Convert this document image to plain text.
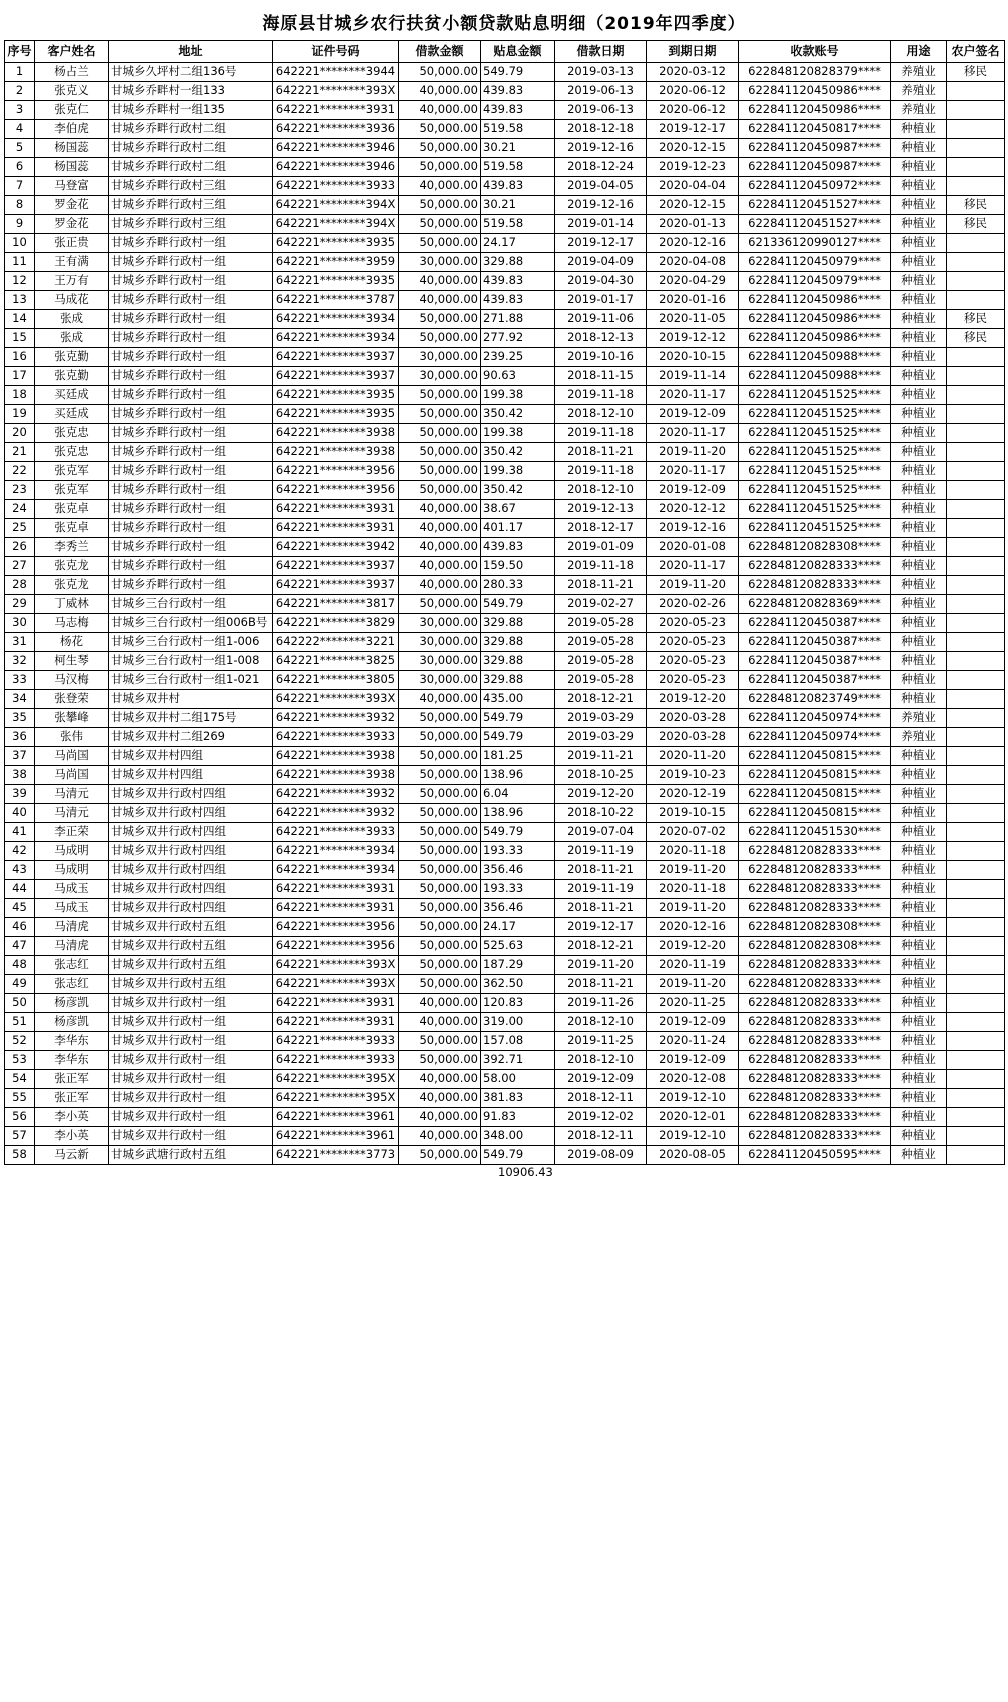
海原县甘城乡农行扶贫小额贷款贴息明细（2019年四季度）
序号	客户姓名	地址	证件号码	借款金额	贴息金额	借款日期	到期日期	收款账号	用途	农户签名
1	杨占兰	甘城乡久坪村二组136号	642221********3944	50,000.00	549.79	2019-03-13	2020-03-12	622848120828379****	养殖业	移民
2	张克义	甘城乡乔畔村一组133	642221********393X	40,000.00	439.83	2019-06-13	2020-06-12	622841120450986****	养殖业	
3	张克仁	甘城乡乔畔村一组135	642221********3931	40,000.00	439.83	2019-06-13	2020-06-12	622841120450986****	养殖业	
4	李伯虎	甘城乡乔畔行政村二组	642221********3936	50,000.00	519.58	2018-12-18	2019-12-17	622841120450817****	种植业	
5	杨国蕊	甘城乡乔畔行政村二组	642221********3946	50,000.00	30.21	2019-12-16	2020-12-15	622841120450987****	种植业	
6	杨国蕊	甘城乡乔畔行政村二组	642221********3946	50,000.00	519.58	2018-12-24	2019-12-23	622841120450987****	种植业	
7	马登富	甘城乡乔畔行政村三组	642221********3933	40,000.00	439.83	2019-04-05	2020-04-04	622841120450972****	种植业	
8	罗金花	甘城乡乔畔行政村三组	642221********394X	50,000.00	30.21	2019-12-16	2020-12-15	622841120451527****	种植业	移民
9	罗金花	甘城乡乔畔行政村三组	642221********394X	50,000.00	519.58	2019-01-14	2020-01-13	622841120451527****	种植业	移民
10	张正贵	甘城乡乔畔行政村一组	642221********3935	50,000.00	24.17	2019-12-17	2020-12-16	621336120990127****	种植业	
11	王有满	甘城乡乔畔行政村一组	642221********3959	30,000.00	329.88	2019-04-09	2020-04-08	622841120450979****	种植业	
12	王万有	甘城乡乔畔行政村一组	642221********3935	40,000.00	439.83	2019-04-30	2020-04-29	622841120450979****	种植业	
13	马成花	甘城乡乔畔行政村一组	642221********3787	40,000.00	439.83	2019-01-17	2020-01-16	622841120450986****	种植业	
14	张成	甘城乡乔畔行政村一组	642221********3934	50,000.00	271.88	2019-11-06	2020-11-05	622841120450986****	种植业	移民
15	张成	甘城乡乔畔行政村一组	642221********3934	50,000.00	277.92	2018-12-13	2019-12-12	622841120450986****	种植业	移民
16	张克勤	甘城乡乔畔行政村一组	642221********3937	30,000.00	239.25	2019-10-16	2020-10-15	622841120450988****	种植业	
17	张克勤	甘城乡乔畔行政村一组	642221********3937	30,000.00	90.63	2018-11-15	2019-11-14	622841120450988****	种植业	
18	买廷成	甘城乡乔畔行政村一组	642221********3935	50,000.00	199.38	2019-11-18	2020-11-17	622841120451525****	种植业	
19	买廷成	甘城乡乔畔行政村一组	642221********3935	50,000.00	350.42	2018-12-10	2019-12-09	622841120451525****	种植业	
20	张克忠	甘城乡乔畔行政村一组	642221********3938	50,000.00	199.38	2019-11-18	2020-11-17	622841120451525****	种植业	
21	张克忠	甘城乡乔畔行政村一组	642221********3938	50,000.00	350.42	2018-11-21	2019-11-20	622841120451525****	种植业	
22	张克军	甘城乡乔畔行政村一组	642221********3956	50,000.00	199.38	2019-11-18	2020-11-17	622841120451525****	种植业	
23	张克军	甘城乡乔畔行政村一组	642221********3956	50,000.00	350.42	2018-12-10	2019-12-09	622841120451525****	种植业	
24	张克卓	甘城乡乔畔行政村一组	642221********3931	40,000.00	38.67	2019-12-13	2020-12-12	622841120451525****	种植业	
25	张克卓	甘城乡乔畔行政村一组	642221********3931	40,000.00	401.17	2018-12-17	2019-12-16	622841120451525****	种植业	
26	李秀兰	甘城乡乔畔行政村一组	642221********3942	40,000.00	439.83	2019-01-09	2020-01-08	622848120828308****	种植业	
27	张克龙	甘城乡乔畔行政村一组	642221********3937	40,000.00	159.50	2019-11-18	2020-11-17	622848120828333****	种植业	
28	张克龙	甘城乡乔畔行政村一组	642221********3937	40,000.00	280.33	2018-11-21	2019-11-20	622848120828333****	种植业	
29	丁威林	甘城乡三台行政村一组	642221********3817	50,000.00	549.79	2019-02-27	2020-02-26	622848120828369****	种植业	
30	马志梅	甘城乡三台行政村一组006B号	642221********3829	30,000.00	329.88	2019-05-28	2020-05-23	622841120450387****	种植业	
31	杨花	甘城乡三台行政村一组1-006	642222********3221	30,000.00	329.88	2019-05-28	2020-05-23	622841120450387****	种植业	
32	柯生琴	甘城乡三台行政村一组1-008	642221********3825	30,000.00	329.88	2019-05-28	2020-05-23	622841120450387****	种植业	
33	马汉梅	甘城乡三台行政村一组1-021	642221********3805	30,000.00	329.88	2019-05-28	2020-05-23	622841120450387****	种植业	
34	张登荣	甘城乡双井村	642221********393X	40,000.00	435.00	2018-12-21	2019-12-20	622848120823749****	种植业	
35	张攀峰	甘城乡双井村二组175号	642221********3932	50,000.00	549.79	2019-03-29	2020-03-28	622841120450974****	养殖业	
36	张伟	甘城乡双井村二组269	642221********3933	50,000.00	549.79	2019-03-29	2020-03-28	622841120450974****	养殖业	
37	马尚国	甘城乡双井村四组	642221********3938	50,000.00	181.25	2019-11-21	2020-11-20	622841120450815****	种植业	
38	马尚国	甘城乡双井村四组	642221********3938	50,000.00	138.96	2018-10-25	2019-10-23	622841120450815****	种植业	
39	马清元	甘城乡双井行政村四组	642221********3932	50,000.00	6.04	2019-12-20	2020-12-19	622841120450815****	种植业	
40	马清元	甘城乡双井行政村四组	642221********3932	50,000.00	138.96	2018-10-22	2019-10-15	622841120450815****	种植业	
41	李正荣	甘城乡双井行政村四组	642221********3933	50,000.00	549.79	2019-07-04	2020-07-02	622841120451530****	种植业	
42	马成明	甘城乡双井行政村四组	642221********3934	50,000.00	193.33	2019-11-19	2020-11-18	622848120828333****	种植业	
43	马成明	甘城乡双井行政村四组	642221********3934	50,000.00	356.46	2018-11-21	2019-11-20	622848120828333****	种植业	
44	马成玉	甘城乡双井行政村四组	642221********3931	50,000.00	193.33	2019-11-19	2020-11-18	622848120828333****	种植业	
45	马成玉	甘城乡双井行政村四组	642221********3931	50,000.00	356.46	2018-11-21	2019-11-20	622848120828333****	种植业	
46	马清虎	甘城乡双井行政村五组	642221********3956	50,000.00	24.17	2019-12-17	2020-12-16	622848120828308****	种植业	
47	马清虎	甘城乡双井行政村五组	642221********3956	50,000.00	525.63	2018-12-21	2019-12-20	622848120828308****	种植业	
48	张志红	甘城乡双井行政村五组	642221********393X	50,000.00	187.29	2019-11-20	2020-11-19	622848120828333****	种植业	
49	张志红	甘城乡双井行政村五组	642221********393X	50,000.00	362.50	2018-11-21	2019-11-20	622848120828333****	种植业	
50	杨彦凯	甘城乡双井行政村一组	642221********3931	40,000.00	120.83	2019-11-26	2020-11-25	622848120828333****	种植业	
51	杨彦凯	甘城乡双井行政村一组	642221********3931	40,000.00	319.00	2018-12-10	2019-12-09	622848120828333****	种植业	
52	李华东	甘城乡双井行政村一组	642221********3933	50,000.00	157.08	2019-11-25	2020-11-24	622848120828333****	种植业	
53	李华东	甘城乡双井行政村一组	642221********3933	50,000.00	392.71	2018-12-10	2019-12-09	622848120828333****	种植业	
54	张正军	甘城乡双井行政村一组	642221********395X	40,000.00	58.00	2019-12-09	2020-12-08	622848120828333****	种植业	
55	张正军	甘城乡双井行政村一组	642221********395X	40,000.00	381.83	2018-12-11	2019-12-10	622848120828333****	种植业	
56	李小英	甘城乡双井行政村一组	642221********3961	40,000.00	91.83	2019-12-02	2020-12-01	622848120828333****	种植业	
57	李小英	甘城乡双井行政村一组	642221********3961	40,000.00	348.00	2018-12-11	2019-12-10	622848120828333****	种植业	
58	马云新	甘城乡武塘行政村五组	642221********3773	50,000.00	549.79	2019-08-09	2020-08-05	622841120450595****	种植业	
10906.43
